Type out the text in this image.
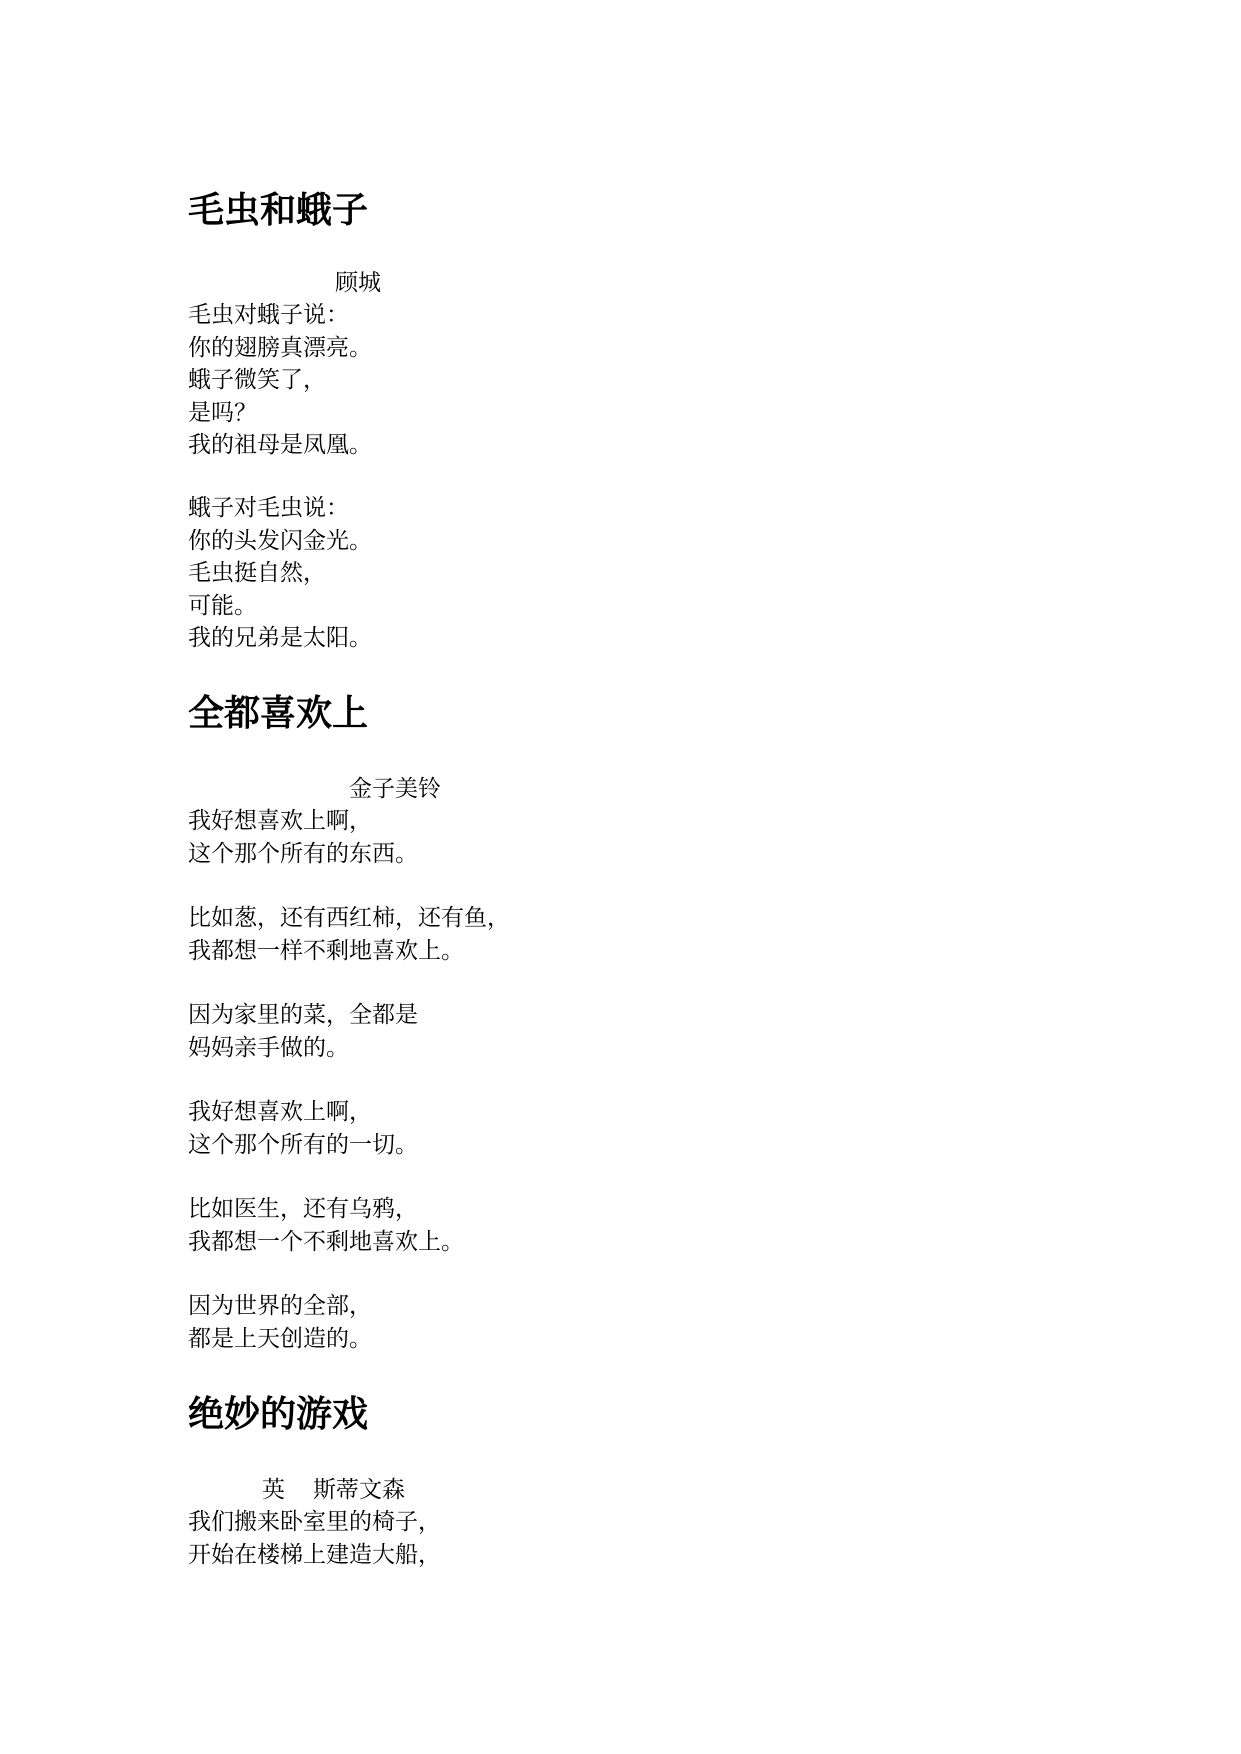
毛虫和蛾子

顾城

毛虫对蛾子说：
你的翅膀真漂亮。
蛾子微笑了，
是吗？
我的祖母是凤凰。
蛾子对毛虫说：
你的头发闪金光。
毛虫挺自然，
可能。
我的兄弟是太阳。
全都喜欢上

金子美铃

我好想喜欢上啊，
这个那个所有的东西。
比如葱，还有西红柿，还有鱼，
我都想一样不剩地喜欢上。
因为家里的菜，全都是
妈妈亲手做的。
我好想喜欢上啊，
这个那个所有的一切。
比如医生，还有乌鸦，
我都想一个不剩地喜欢上。
因为世界的全部，
都是上天创造的。
绝妙的游戏

英 斯蒂文森

我们搬来卧室里的椅子，
开始在楼梯上建造大船，
